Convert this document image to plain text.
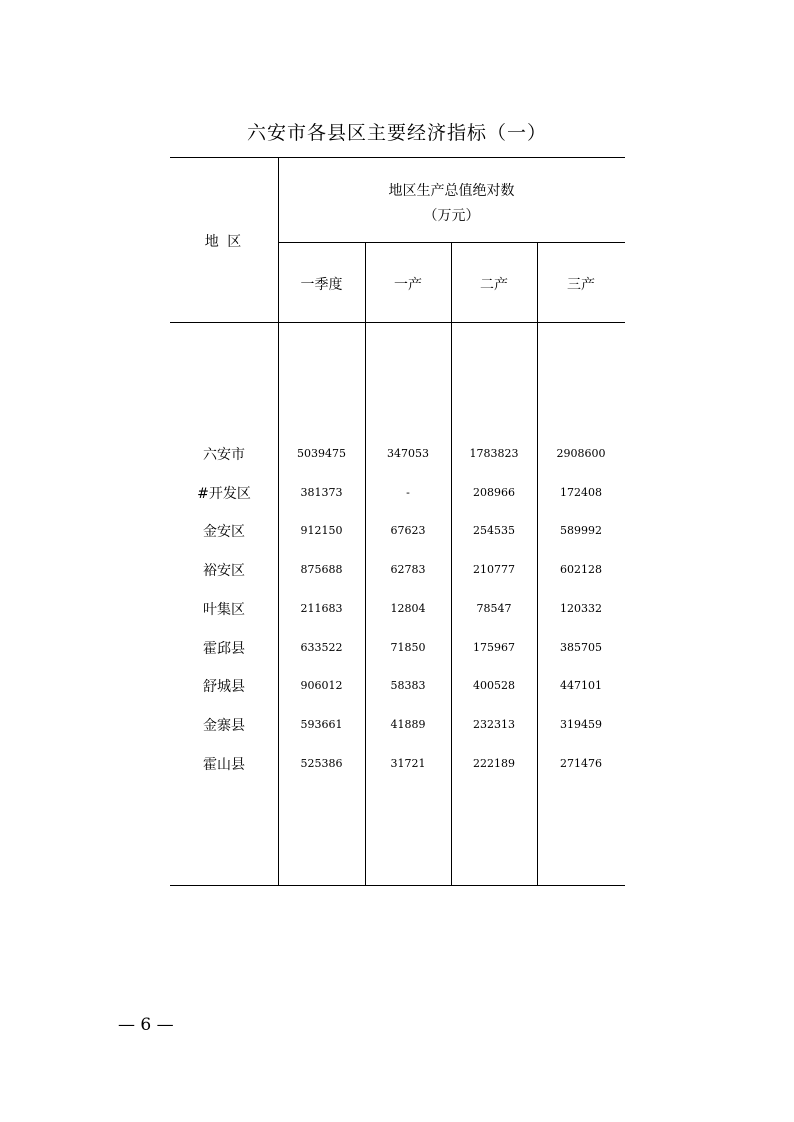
六安市各县区主要经济指标（一）
地 区
地区生产总值绝对数
（万元）
一季度	一产	二产	三产
六安市	5039475	347053	1783823	2908600
#开发区	381373	-	208966	172408
金安区	912150	67623	254535	589992
裕安区	875688	62783	210777	602128
叶集区	211683	12804	78547	120332
霍邱县	633522	71850	175967	385705
舒城县	906012	58383	400528	447101
金寨县	593661	41889	232313	319459
霍山县	525386	31721	222189	271476
— 6 —
